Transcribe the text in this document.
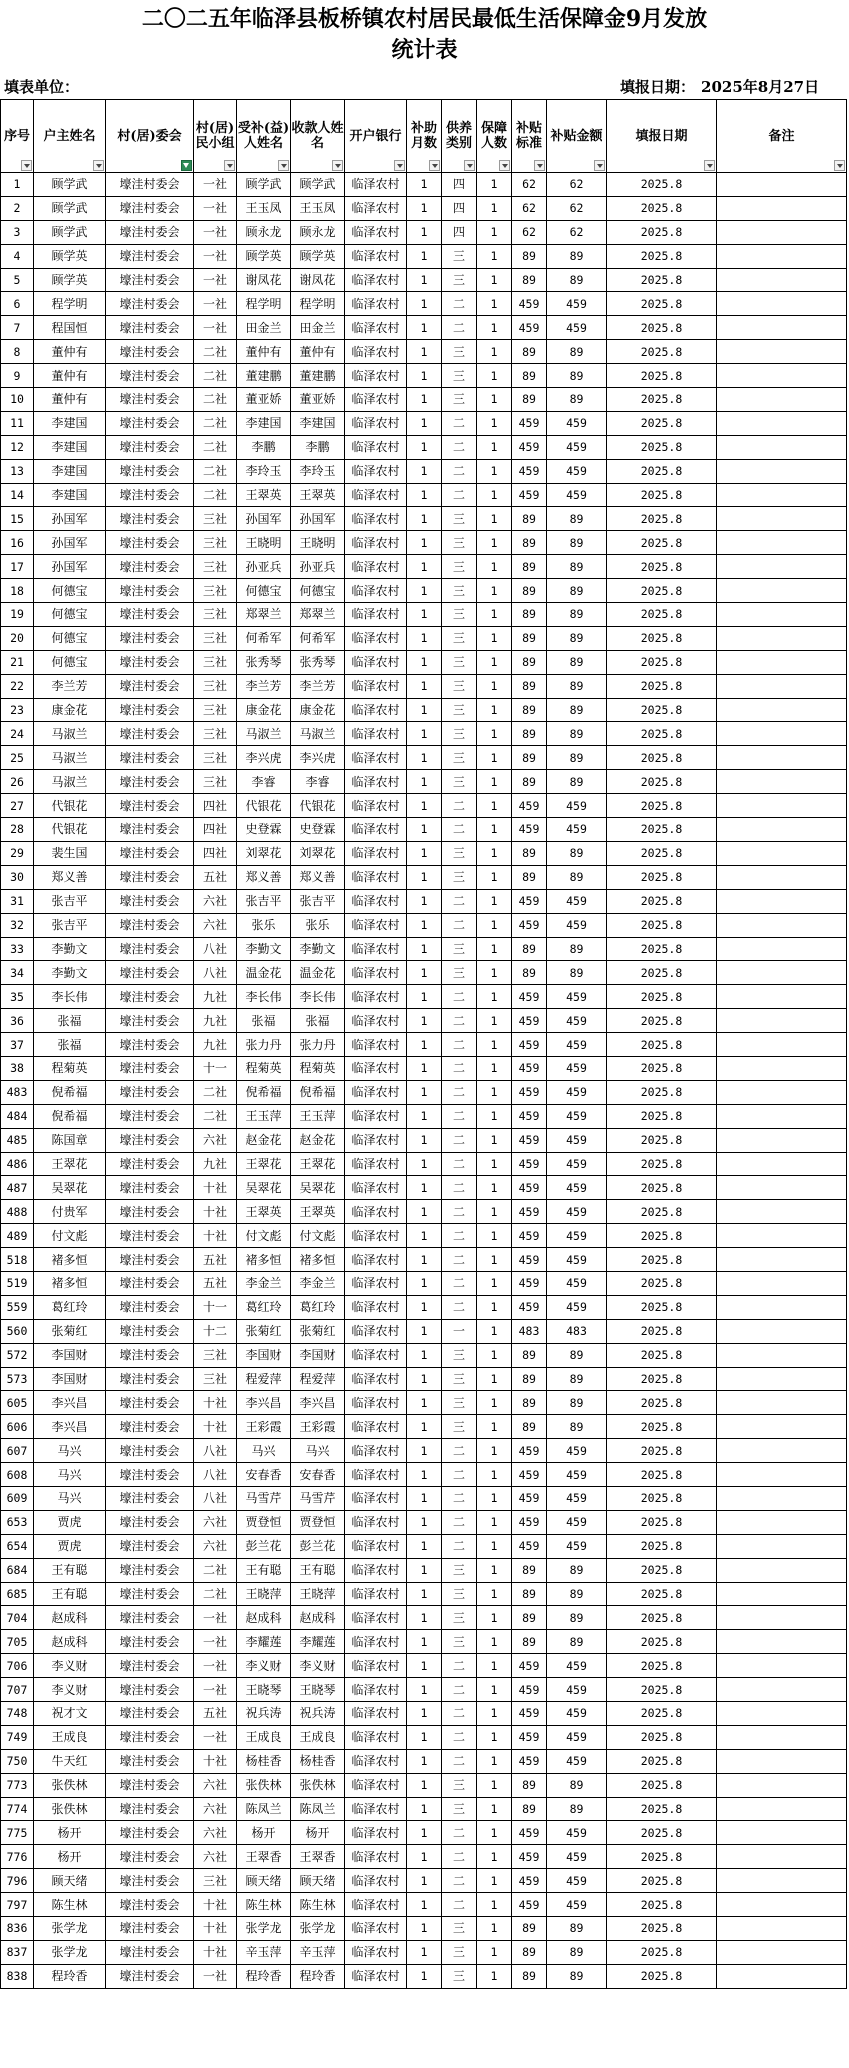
二〇二五年临泽县板桥镇农村居民最低生活保障金9月发放
统计表
填表单位：	填报日期： 2025年8月27日
序号	户主姓名	村(居)委会	村(居)民小组	受补(益)人姓名	收款人姓名	开户银行	补助月数	供养类别	保障人数	补贴标准	补贴金额	填报日期	备注

1	顾学武	壕洼村委会	一社	顾学武	顾学武	临泽农村	1	四	1	62	62	2025.8	
2	顾学武	壕洼村委会	一社	王玉凤	王玉凤	临泽农村	1	四	1	62	62	2025.8	
3	顾学武	壕洼村委会	一社	顾永龙	顾永龙	临泽农村	1	四	1	62	62	2025.8	
4	顾学英	壕洼村委会	一社	顾学英	顾学英	临泽农村	1	三	1	89	89	2025.8	
5	顾学英	壕洼村委会	一社	谢凤花	谢凤花	临泽农村	1	三	1	89	89	2025.8	
6	程学明	壕洼村委会	一社	程学明	程学明	临泽农村	1	二	1	459	459	2025.8	
7	程国恒	壕洼村委会	一社	田金兰	田金兰	临泽农村	1	二	1	459	459	2025.8	
8	董仲有	壕洼村委会	二社	董仲有	董仲有	临泽农村	1	三	1	89	89	2025.8	
9	董仲有	壕洼村委会	二社	董建鹏	董建鹏	临泽农村	1	三	1	89	89	2025.8	
10	董仲有	壕洼村委会	二社	董亚娇	董亚娇	临泽农村	1	三	1	89	89	2025.8	
11	李建国	壕洼村委会	二社	李建国	李建国	临泽农村	1	二	1	459	459	2025.8	
12	李建国	壕洼村委会	二社	李鹏	李鹏	临泽农村	1	二	1	459	459	2025.8	
13	李建国	壕洼村委会	二社	李玲玉	李玲玉	临泽农村	1	二	1	459	459	2025.8	
14	李建国	壕洼村委会	二社	王翠英	王翠英	临泽农村	1	二	1	459	459	2025.8	
15	孙国军	壕洼村委会	三社	孙国军	孙国军	临泽农村	1	三	1	89	89	2025.8	
16	孙国军	壕洼村委会	三社	王晓明	王晓明	临泽农村	1	三	1	89	89	2025.8	
17	孙国军	壕洼村委会	三社	孙亚兵	孙亚兵	临泽农村	1	三	1	89	89	2025.8	
18	何德宝	壕洼村委会	三社	何德宝	何德宝	临泽农村	1	三	1	89	89	2025.8	
19	何德宝	壕洼村委会	三社	郑翠兰	郑翠兰	临泽农村	1	三	1	89	89	2025.8	
20	何德宝	壕洼村委会	三社	何希军	何希军	临泽农村	1	三	1	89	89	2025.8	
21	何德宝	壕洼村委会	三社	张秀琴	张秀琴	临泽农村	1	三	1	89	89	2025.8	
22	李兰芳	壕洼村委会	三社	李兰芳	李兰芳	临泽农村	1	三	1	89	89	2025.8	
23	康金花	壕洼村委会	三社	康金花	康金花	临泽农村	1	三	1	89	89	2025.8	
24	马淑兰	壕洼村委会	三社	马淑兰	马淑兰	临泽农村	1	三	1	89	89	2025.8	
25	马淑兰	壕洼村委会	三社	李兴虎	李兴虎	临泽农村	1	三	1	89	89	2025.8	
26	马淑兰	壕洼村委会	三社	李睿	李睿	临泽农村	1	三	1	89	89	2025.8	
27	代银花	壕洼村委会	四社	代银花	代银花	临泽农村	1	二	1	459	459	2025.8	
28	代银花	壕洼村委会	四社	史登霖	史登霖	临泽农村	1	二	1	459	459	2025.8	
29	裴生国	壕洼村委会	四社	刘翠花	刘翠花	临泽农村	1	三	1	89	89	2025.8	
30	郑义善	壕洼村委会	五社	郑义善	郑义善	临泽农村	1	三	1	89	89	2025.8	
31	张吉平	壕洼村委会	六社	张吉平	张吉平	临泽农村	1	二	1	459	459	2025.8	
32	张吉平	壕洼村委会	六社	张乐	张乐	临泽农村	1	二	1	459	459	2025.8	
33	李勤文	壕洼村委会	八社	李勤文	李勤文	临泽农村	1	三	1	89	89	2025.8	
34	李勤文	壕洼村委会	八社	温金花	温金花	临泽农村	1	三	1	89	89	2025.8	
35	李长伟	壕洼村委会	九社	李长伟	李长伟	临泽农村	1	二	1	459	459	2025.8	
36	张福	壕洼村委会	九社	张福	张福	临泽农村	1	二	1	459	459	2025.8	
37	张福	壕洼村委会	九社	张力丹	张力丹	临泽农村	1	二	1	459	459	2025.8	
38	程菊英	壕洼村委会	十一	程菊英	程菊英	临泽农村	1	二	1	459	459	2025.8	
483	倪希福	壕洼村委会	二社	倪希福	倪希福	临泽农村	1	二	1	459	459	2025.8	
484	倪希福	壕洼村委会	二社	王玉萍	王玉萍	临泽农村	1	二	1	459	459	2025.8	
485	陈国章	壕洼村委会	六社	赵金花	赵金花	临泽农村	1	二	1	459	459	2025.8	
486	王翠花	壕洼村委会	九社	王翠花	王翠花	临泽农村	1	二	1	459	459	2025.8	
487	吴翠花	壕洼村委会	十社	吴翠花	吴翠花	临泽农村	1	二	1	459	459	2025.8	
488	付贵军	壕洼村委会	十社	王翠英	王翠英	临泽农村	1	二	1	459	459	2025.8	
489	付文彪	壕洼村委会	十社	付文彪	付文彪	临泽农村	1	二	1	459	459	2025.8	
518	褚多恒	壕洼村委会	五社	褚多恒	褚多恒	临泽农村	1	二	1	459	459	2025.8	
519	褚多恒	壕洼村委会	五社	李金兰	李金兰	临泽农村	1	二	1	459	459	2025.8	
559	葛红玲	壕洼村委会	十一	葛红玲	葛红玲	临泽农村	1	二	1	459	459	2025.8	
560	张菊红	壕洼村委会	十二	张菊红	张菊红	临泽农村	1	一	1	483	483	2025.8	
572	李国财	壕洼村委会	三社	李国财	李国财	临泽农村	1	三	1	89	89	2025.8	
573	李国财	壕洼村委会	三社	程爱萍	程爱萍	临泽农村	1	三	1	89	89	2025.8	
605	李兴昌	壕洼村委会	十社	李兴昌	李兴昌	临泽农村	1	三	1	89	89	2025.8	
606	李兴昌	壕洼村委会	十社	王彩霞	王彩霞	临泽农村	1	三	1	89	89	2025.8	
607	马兴	壕洼村委会	八社	马兴	马兴	临泽农村	1	二	1	459	459	2025.8	
608	马兴	壕洼村委会	八社	安春香	安春香	临泽农村	1	二	1	459	459	2025.8	
609	马兴	壕洼村委会	八社	马雪芹	马雪芹	临泽农村	1	二	1	459	459	2025.8	
653	贾虎	壕洼村委会	六社	贾登恒	贾登恒	临泽农村	1	二	1	459	459	2025.8	
654	贾虎	壕洼村委会	六社	彭兰花	彭兰花	临泽农村	1	二	1	459	459	2025.8	
684	王有聪	壕洼村委会	二社	王有聪	王有聪	临泽农村	1	三	1	89	89	2025.8	
685	王有聪	壕洼村委会	二社	王晓萍	王晓萍	临泽农村	1	三	1	89	89	2025.8	
704	赵成科	壕洼村委会	一社	赵成科	赵成科	临泽农村	1	三	1	89	89	2025.8	
705	赵成科	壕洼村委会	一社	李耀莲	李耀莲	临泽农村	1	三	1	89	89	2025.8	
706	李义财	壕洼村委会	一社	李义财	李义财	临泽农村	1	二	1	459	459	2025.8	
707	李义财	壕洼村委会	一社	王晓琴	王晓琴	临泽农村	1	二	1	459	459	2025.8	
748	祝才文	壕洼村委会	五社	祝兵涛	祝兵涛	临泽农村	1	二	1	459	459	2025.8	
749	王成良	壕洼村委会	一社	王成良	王成良	临泽农村	1	二	1	459	459	2025.8	
750	牛天红	壕洼村委会	十社	杨桂香	杨桂香	临泽农村	1	二	1	459	459	2025.8	
773	张佚林	壕洼村委会	六社	张佚林	张佚林	临泽农村	1	三	1	89	89	2025.8	
774	张佚林	壕洼村委会	六社	陈凤兰	陈凤兰	临泽农村	1	三	1	89	89	2025.8	
775	杨开	壕洼村委会	六社	杨开	杨开	临泽农村	1	二	1	459	459	2025.8	
776	杨开	壕洼村委会	六社	王翠香	王翠香	临泽农村	1	二	1	459	459	2025.8	
796	顾天绪	壕洼村委会	三社	顾天绪	顾天绪	临泽农村	1	二	1	459	459	2025.8	
797	陈生林	壕洼村委会	十社	陈生林	陈生林	临泽农村	1	二	1	459	459	2025.8	
836	张学龙	壕洼村委会	十社	张学龙	张学龙	临泽农村	1	三	1	89	89	2025.8	
837	张学龙	壕洼村委会	十社	辛玉萍	辛玉萍	临泽农村	1	三	1	89	89	2025.8	
838	程玲香	壕洼村委会	一社	程玲香	程玲香	临泽农村	1	三	1	89	89	2025.8	
